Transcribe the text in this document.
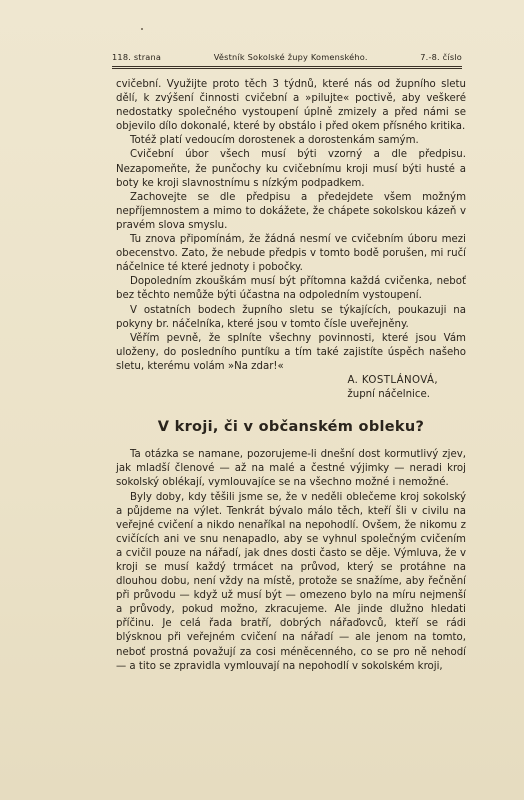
118. strana	Věstník Sokolské župy Komenského.	7.-8. číslo

cvičební. Využijte proto těch 3 týdnů, které nás od župního sletu dělí, k zvýšení činnosti cvičební a »pilujte« poctivě, aby veškeré nedostatky společného vystoupení úplně zmizely a před námi se objevilo dílo dokonalé, které by obstálo i před okem přísného kritika.

Totéž platí vedoucím dorostenek a dorostenkám samým.

Cvičební úbor všech musí býti vzorný a dle předpisu. Nezapomeňte, že punčochy ku cvičebnímu kroji musí býti husté a boty ke kroji slavnostnímu s nízkým podpadkem.

Zachovejte se dle předpisu a předejdete všem možným nepříjemnostem a mimo to dokážete, že chápete sokolskou kázeň v pravém slova smyslu.

Tu znova připomínám, že žádná nesmí ve cvičebním úboru mezi obecenstvo. Zato, že nebude předpis v tomto bodě porušen, mi ručí náčelnice té které jednoty i pobočky.

Dopoledním zkouškám musí být přítomna každá cvičenka, neboť bez těchto nemůže býti účastna na odpoledním vystoupení.

V ostatních bodech župního sletu se týkajících, poukazuji na pokyny br. náčelníka, které jsou v tomto čísle uveřejněny.

Věřím pevně, že splníte všechny povinnosti, které jsou Vám uloženy, do posledního puntíku a tím také zajistíte úspěch našeho sletu, kterému volám »Na zdar!«

A. KOSTLÁNOVÁ,
župní náčelnice.
V kroji, či v občanském obleku?

Ta otázka se namane, pozorujeme-li dnešní dost kormutlivý zjev, jak mladší členové — až na malé a čestné výjimky — neradi kroj sokolský oblékají, vymlouvajíce se na všechno možné i nemožné.

Byly doby, kdy těšili jsme se, že v neděli oblečeme kroj sokolský a půjdeme na výlet. Tenkrát bývalo málo těch, kteří šli v civilu na veřejné cvičení a nikdo nenaříkal na nepohodlí. Ovšem, že nikomu z cvičících ani ve snu nenapadlo, aby se vyhnul společným cvičením a cvičil pouze na nářadí, jak dnes dosti často se děje. Výmluva, že v kroji se musí každý trmácet na průvod, který se protáhne na dlouhou dobu, není vždy na místě, protože se snažíme, aby řečnění při průvodu — když už musí být — omezeno bylo na míru nejmenší a průvody, pokud možno, zkracujeme. Ale jinde dlužno hledati příčinu. Je celá řada bratří, dobrých nářaďovců, kteří se rádi blýsknou při veřejném cvičení na nářadí — ale jenom na tomto, neboť prostná považují za cosi méněcenného, co se pro ně nehodí — a tito se zpravidla vymlouvají na nepohodlí v sokolském kroji,
